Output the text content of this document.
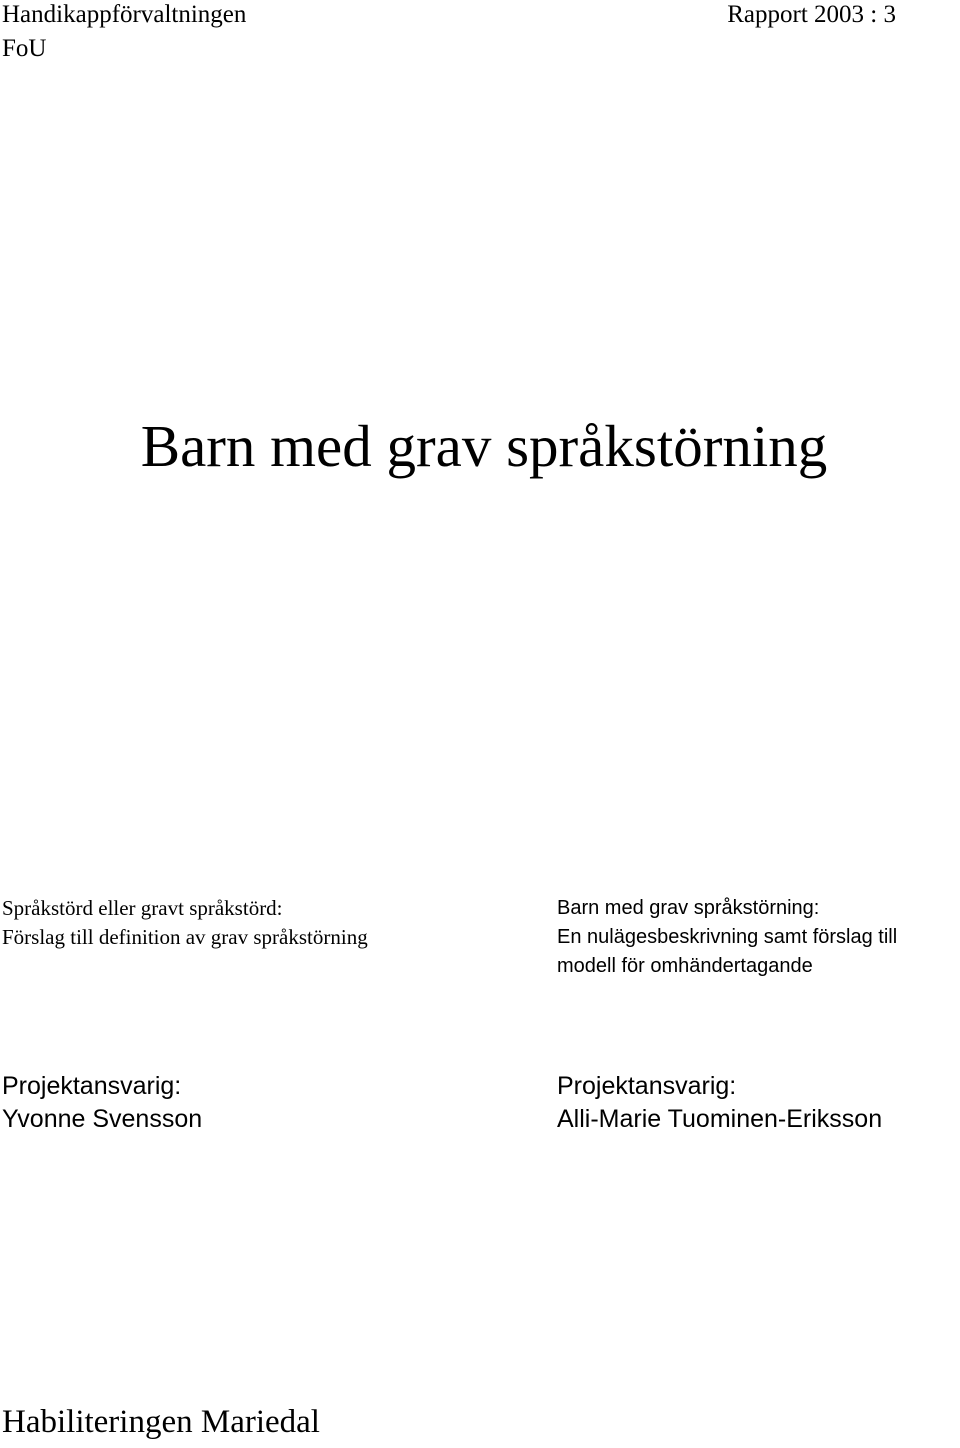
Handikappförvaltningen
FoU
Rapport 2003 : 3
Barn med grav språkstörning
Språkstörd eller gravt språkstörd:
Förslag till definition av grav språkstörning
Barn med grav språkstörning:
En nulägesbeskrivning samt förslag till
modell för omhändertagande
Projektansvarig:
Yvonne Svensson
Projektansvarig:
Alli-Marie Tuominen-Eriksson
Habiliteringen Mariedal
